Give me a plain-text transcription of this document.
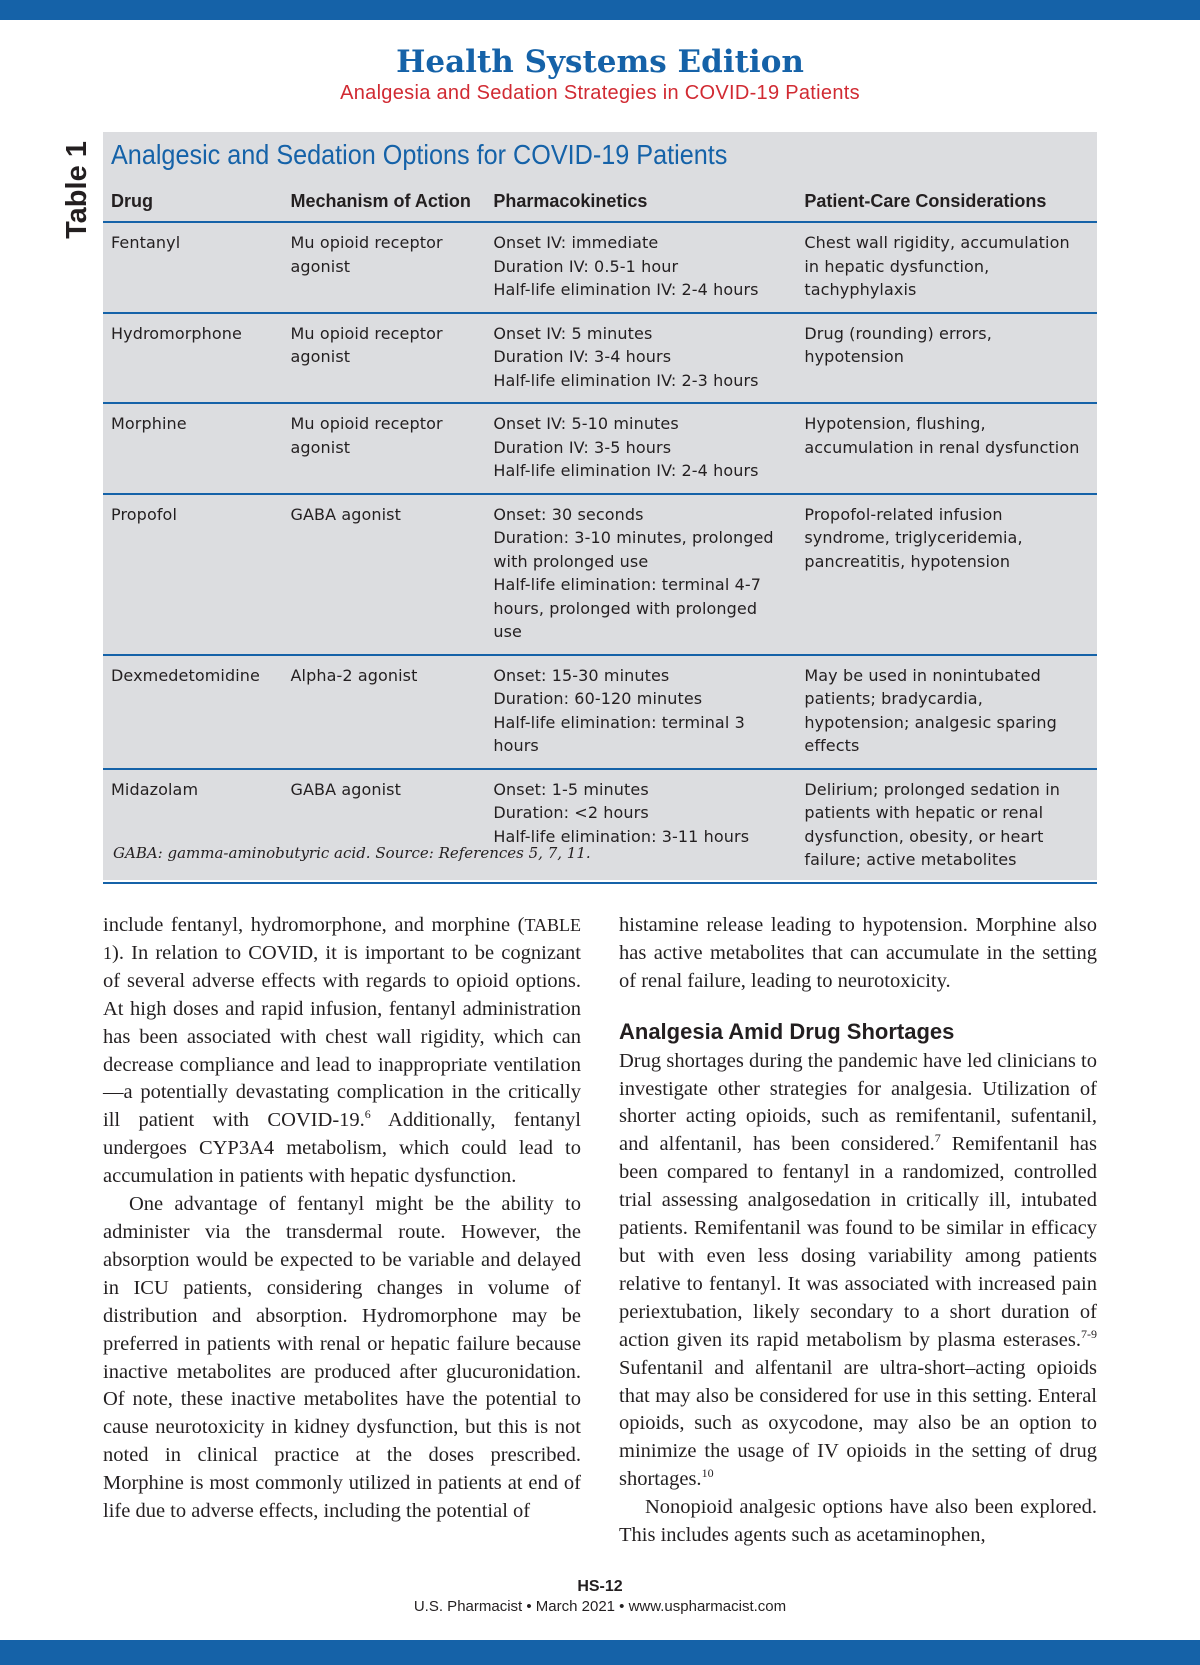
Health Systems Edition
Analgesia and Sedation Strategies in COVID-19 Patients
Table 1 Analgesic and Sedation Options for COVID-19 Patients
Drug	Mechanism of Action	Pharmacokinetics	Patient-Care Considerations
Fentanyl	Mu opioid receptor agonist	Onset IV: immediate
Duration IV: 0.5-1 hour
Half-life elimination IV: 2-4 hours	Chest wall rigidity, accumulation in hepatic dysfunction, tachyphylaxis
Hydromorphone	Mu opioid receptor agonist	Onset IV: 5 minutes
Duration IV: 3-4 hours
Half-life elimination IV: 2-3 hours	Drug (rounding) errors, hypotension
Morphine	Mu opioid receptor agonist	Onset IV: 5-10 minutes
Duration IV: 3-5 hours
Half-life elimination IV: 2-4 hours	Hypotension, flushing, accumulation in renal dysfunction
Propofol	GABA agonist	Onset: 30 seconds
Duration: 3-10 minutes, prolonged with prolonged use
Half-life elimination: terminal 4-7 hours, prolonged with prolonged use	Propofol-related infusion syndrome, triglyceridemia, pancreatitis, hypotension
Dexmedetomidine	Alpha-2 agonist	Onset: 15-30 minutes
Duration: 60-120 minutes
Half-life elimination: terminal 3 hours	May be used in nonintubated patients; bradycardia, hypotension; analgesic sparing effects
Midazolam	GABA agonist	Onset: 1-5 minutes
Duration: <2 hours
Half-life elimination: 3-11 hours	Delirium; prolonged sedation in patients with hepatic or renal dysfunction, obesity, or heart failure; active metabolites
GABA: gamma-aminobutyric acid. Source: References 5, 7, 11.

include fentanyl, hydromorphone, and morphine (TABLE 1). In relation to COVID, it is important to be cognizant of several adverse effects with regards to opioid options. At high doses and rapid infusion, fentanyl administration has been associated with chest wall rigidity, which can decrease compliance and lead to inappropriate ventilation—a potentially devastating complication in the critically ill patient with COVID-19.$^6$ Additionally, fentanyl undergoes CYP3A4 metabolism, which could lead to accumulation in patients with hepatic dysfunction.

One advantage of fentanyl might be the ability to administer via the transdermal route. However, the absorption would be expected to be variable and delayed in ICU patients, considering changes in volume of distribution and absorption. Hydromorphone may be preferred in patients with renal or hepatic failure because inactive metabolites are produced after glucuronidation. Of note, these inactive metabolites have the potential to cause neurotoxicity in kidney dysfunction, but this is not noted in clinical practice at the doses prescribed. Morphine is most commonly utilized in patients at end of life due to adverse effects, including the potential of

histamine release leading to hypotension. Morphine also has active metabolites that can accumulate in the setting of renal failure, leading to neurotoxicity.

Analgesia Amid Drug Shortages

Drug shortages during the pandemic have led clinicians to investigate other strategies for analgesia. Utilization of shorter acting opioids, such as remifentanil, sufentanil, and alfentanil, has been considered.$^7$ Remifentanil has been compared to fentanyl in a randomized, controlled trial assessing analgosedation in critically ill, intubated patients. Remifentanil was found to be similar in efficacy but with even less dosing variability among patients relative to fentanyl. It was associated with increased pain periextubation, likely secondary to a short duration of action given its rapid metabolism by plasma esterases.$^{7-9}$ Sufentanil and alfentanil are ultra-short–acting opioids that may also be considered for use in this setting. Enteral opioids, such as oxycodone, may also be an option to minimize the usage of IV opioids in the setting of drug shortages.$^{10}$

Nonopioid analgesic options have also been explored. This includes agents such as acetaminophen,

HS-12
U.S. Pharmacist • March 2021 • www.uspharmacist.com
